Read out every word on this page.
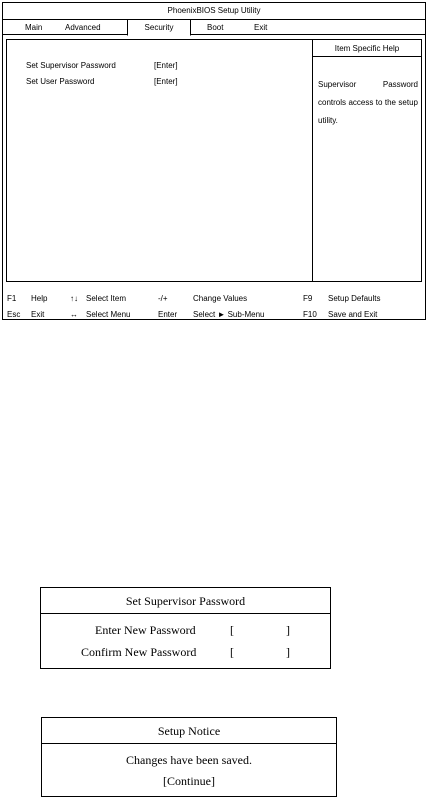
PhoenixBIOS Setup Utility
Main	Advanced	Security	Boot	Exit
Set Supervisor Password	[Enter]
Set User Password	[Enter]
Item Specific Help
Supervisor Password controls access to the setup utility.
F1 Help	↑↓ Select Item	-/+	Change Values	F9 Setup Defaults
Esc Exit	↔ Select Menu	Enter Select ► Sub-Menu	F10 Save and Exit
Set Supervisor Password
Enter New Password	[	]
Confirm New Password	[	]
Setup Notice
Changes have been saved.
[Continue]
